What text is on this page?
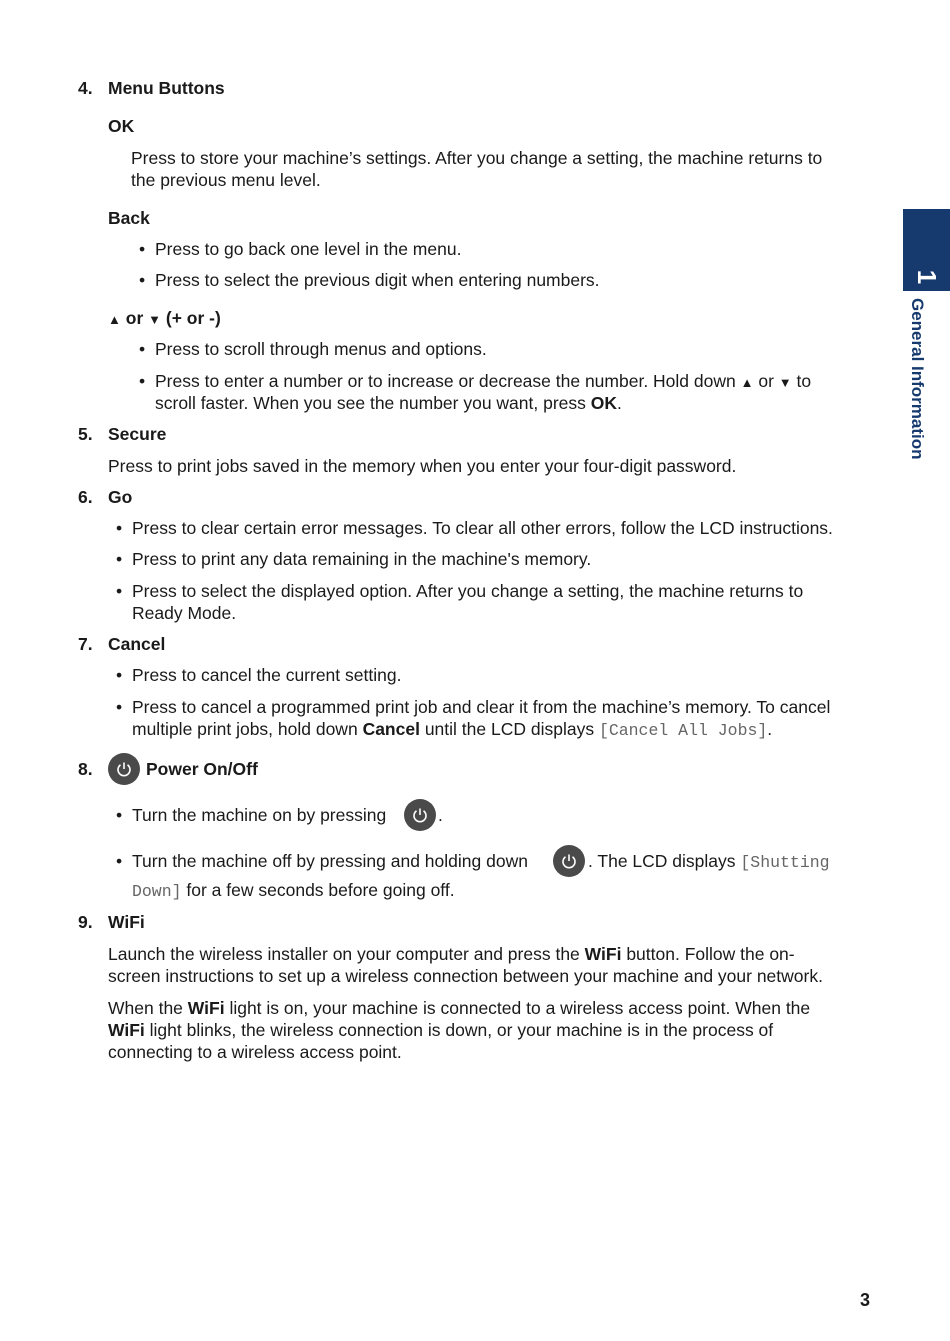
1
General Information
4. Menu Buttons
OK
Press to store your machine’s settings. After you change a setting, the machine returns to
the previous menu level.
Back
• Press to go back one level in the menu.
• Press to select the previous digit when entering numbers.
▲ or ▼ (+ or -)
• Press to scroll through menus and options.
• Press to enter a number or to increase or decrease the number. Hold down ▲ or ▼ to
scroll faster. When you see the number you want, press OK.
5. Secure
Press to print jobs saved in the memory when you enter your four-digit password.
6. Go
• Press to clear certain error messages. To clear all other errors, follow the LCD instructions.
• Press to print any data remaining in the machine's memory.
• Press to select the displayed option. After you change a setting, the machine returns to
Ready Mode.
7. Cancel
• Press to cancel the current setting.
• Press to cancel a programmed print job and clear it from the machine’s memory. To cancel
multiple print jobs, hold down Cancel until the LCD displays [Cancel All Jobs].
8.	Power On/Off
• Turn the machine on by pressing	.
• Turn the machine off by pressing and holding down	. The LCD displays [Shutting
Down] for a few seconds before going off.
9. WiFi
Launch the wireless installer on your computer and press the WiFi button. Follow the on-
screen instructions to set up a wireless connection between your machine and your network.
When the WiFi light is on, your machine is connected to a wireless access point. When the
WiFi light blinks, the wireless connection is down, or your machine is in the process of
connecting to a wireless access point.
3
